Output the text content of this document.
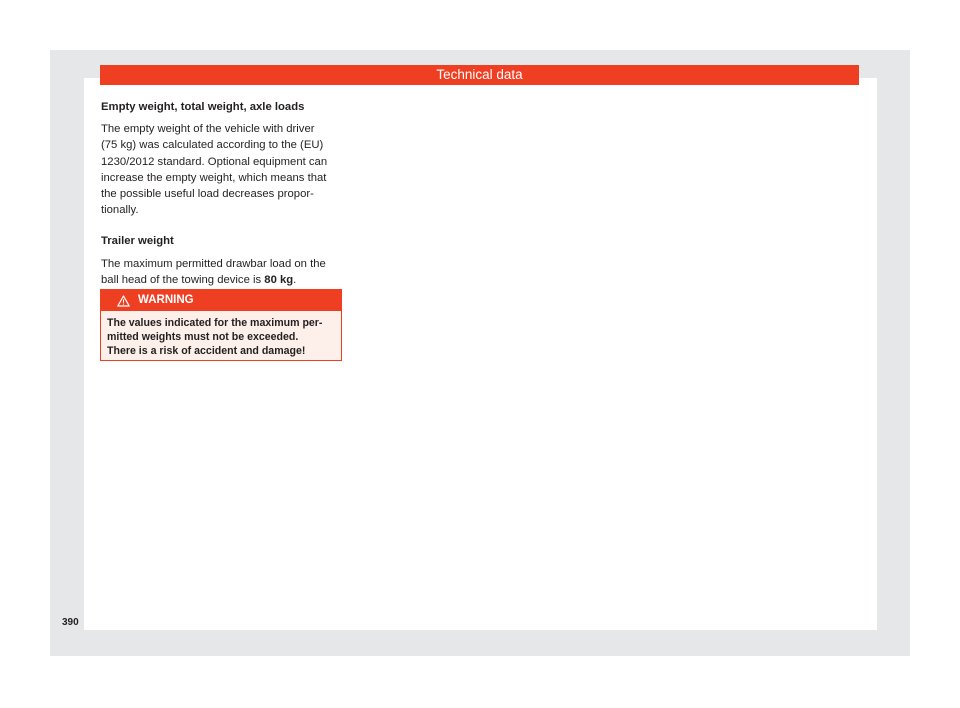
Technical data
Empty weight, total weight, axle loads
The empty weight of the vehicle with driver
(75 kg) was calculated according to the (EU)
1230/2012 standard. Optional equipment can
increase the empty weight, which means that
the possible useful load decreases propor-
tionally.
Trailer weight
The maximum permitted drawbar load on the
ball head of the towing device is 80 kg.
WARNING
The values indicated for the maximum per-
mitted weights must not be exceeded.
There is a risk of accident and damage!
390
